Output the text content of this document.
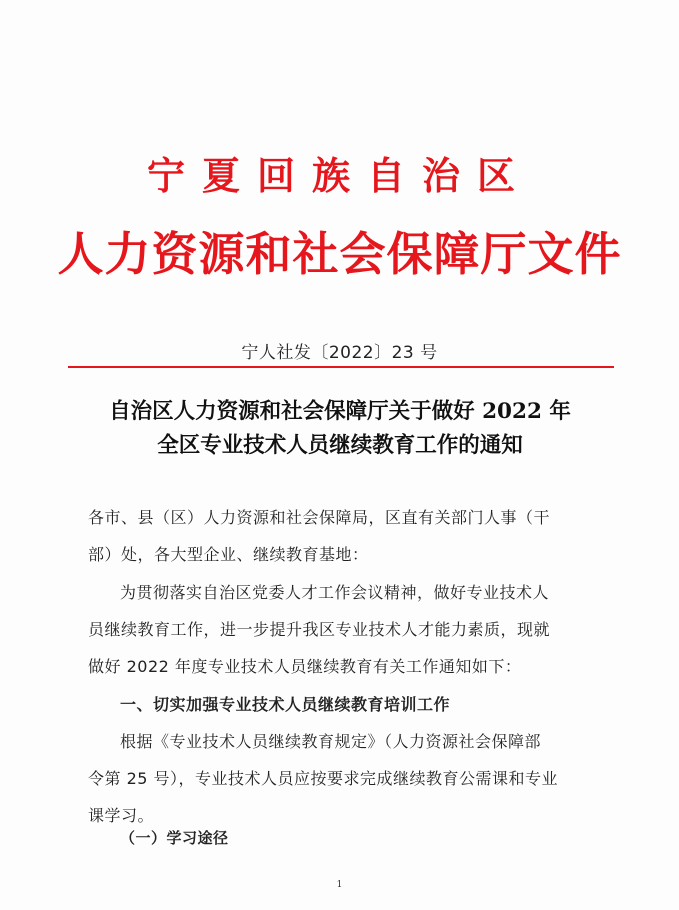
宁夏回族自治区
人力资源和社会保障厅文件
宁人社发〔2022〕23 号
自治区人力资源和社会保障厅关于做好 2022 年
全区专业技术人员继续教育工作的通知
各市、县（区）人力资源和社会保障局，区直有关部门人事（干
部）处，各大型企业、继续教育基地：
为贯彻落实自治区党委人才工作会议精神，做好专业技术人
员继续教育工作，进一步提升我区专业技术人才能力素质，现就
做好 2022 年度专业技术人员继续教育有关工作通知如下：
一、切实加强专业技术人员继续教育培训工作
根据《专业技术人员继续教育规定》（人力资源社会保障部
令第 25 号），专业技术人员应按要求完成继续教育公需课和专业
课学习。
（一）学习途径
1
